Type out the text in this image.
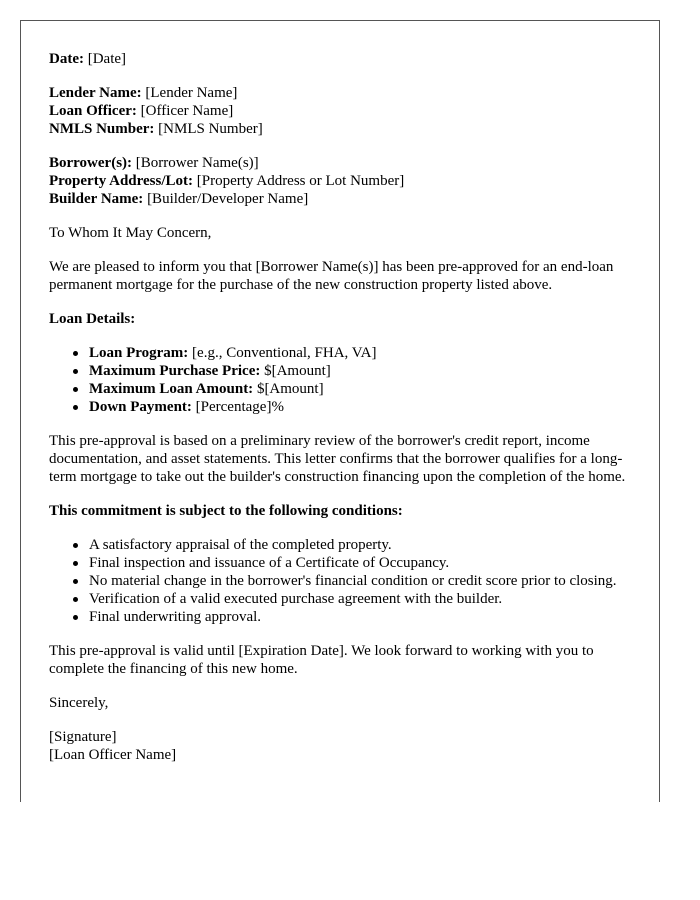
Date: [Date]
Lender Name: [Lender Name]
Loan Officer: [Officer Name]
NMLS Number: [NMLS Number]
Borrower(s): [Borrower Name(s)]
Property Address/Lot: [Property Address or Lot Number]
Builder Name: [Builder/Developer Name]

To Whom It May Concern,

We are pleased to inform you that [Borrower Name(s)] has been pre-approved for an end-loan permanent mortgage for the purchase of the new construction property listed above.

Loan Details:

Loan Program: [e.g., Conventional, FHA, VA]
Maximum Purchase Price: $[Amount]
Maximum Loan Amount: $[Amount]
Down Payment: [Percentage]%

This pre-approval is based on a preliminary review of the borrower's credit report, income documentation, and asset statements. This letter confirms that the borrower qualifies for a long-term mortgage to take out the builder's construction financing upon the completion of the home.

This commitment is subject to the following conditions:

A satisfactory appraisal of the completed property.
Final inspection and issuance of a Certificate of Occupancy.
No material change in the borrower's financial condition or credit score prior to closing.
Verification of a valid executed purchase agreement with the builder.
Final underwriting approval.

This pre-approval is valid until [Expiration Date]. We look forward to working with you to complete the financing of this new home.

Sincerely,

[Signature]
[Loan Officer Name]
